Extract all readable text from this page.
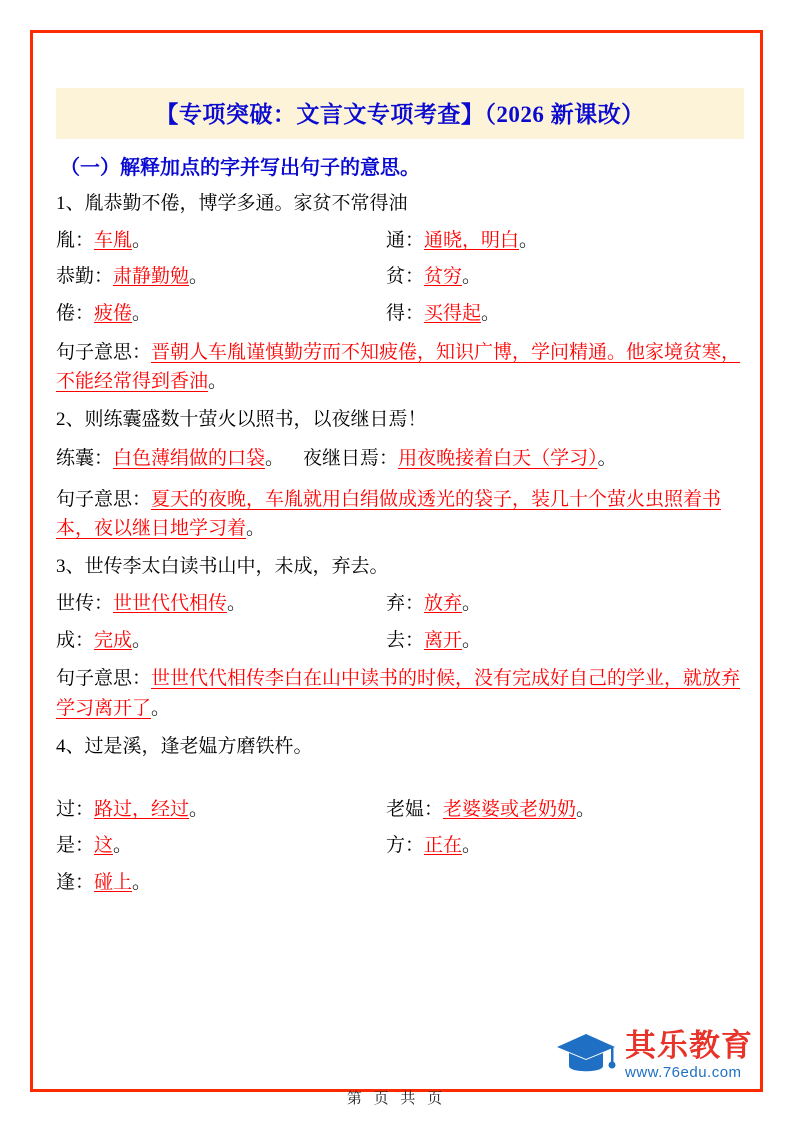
【专项突破：文言文专项考查】（2026 新课改）
（一）解释加点的字并写出句子的意思。
1、胤恭勤不倦，博学多通。家贫不常得油
胤： 车胤 。	通： 通晓，明白 。
恭勤： 肃静勤勉 。	贫： 贫穷 。
倦： 疲倦 。	得： 买得起 。
句子意思：晋朝人车胤谨慎勤劳而不知疲倦，知识广博，学问精通。他家境贫寒，不能经常得到香油。
2、则练囊盛数十萤火以照书，以夜继日焉！
练囊：白色薄绢做的口袋。 夜继日焉：用夜晚接着白天（学习）。
句子意思：夏天的夜晚，车胤就用白绢做成透光的袋子，装几十个萤火虫照着书本，夜以继日地学习着。
3、世传李太白读书山中，未成，弃去。
世传： 世世代代相传 。	弃： 放弃 。
成： 完成 。	去： 离开 。
句子意思：世世代代相传李白在山中读书的时候，没有完成好自己的学业，就放弃学习离开了。
4、过是溪，逢老媪方磨铁杵。
过： 路过，经过 。	老媪： 老婆婆或老奶奶 。
是： 这 。	方： 正在 。
逢： 碰上 。
其乐教育
www.76edu.com
第 页 共 页
